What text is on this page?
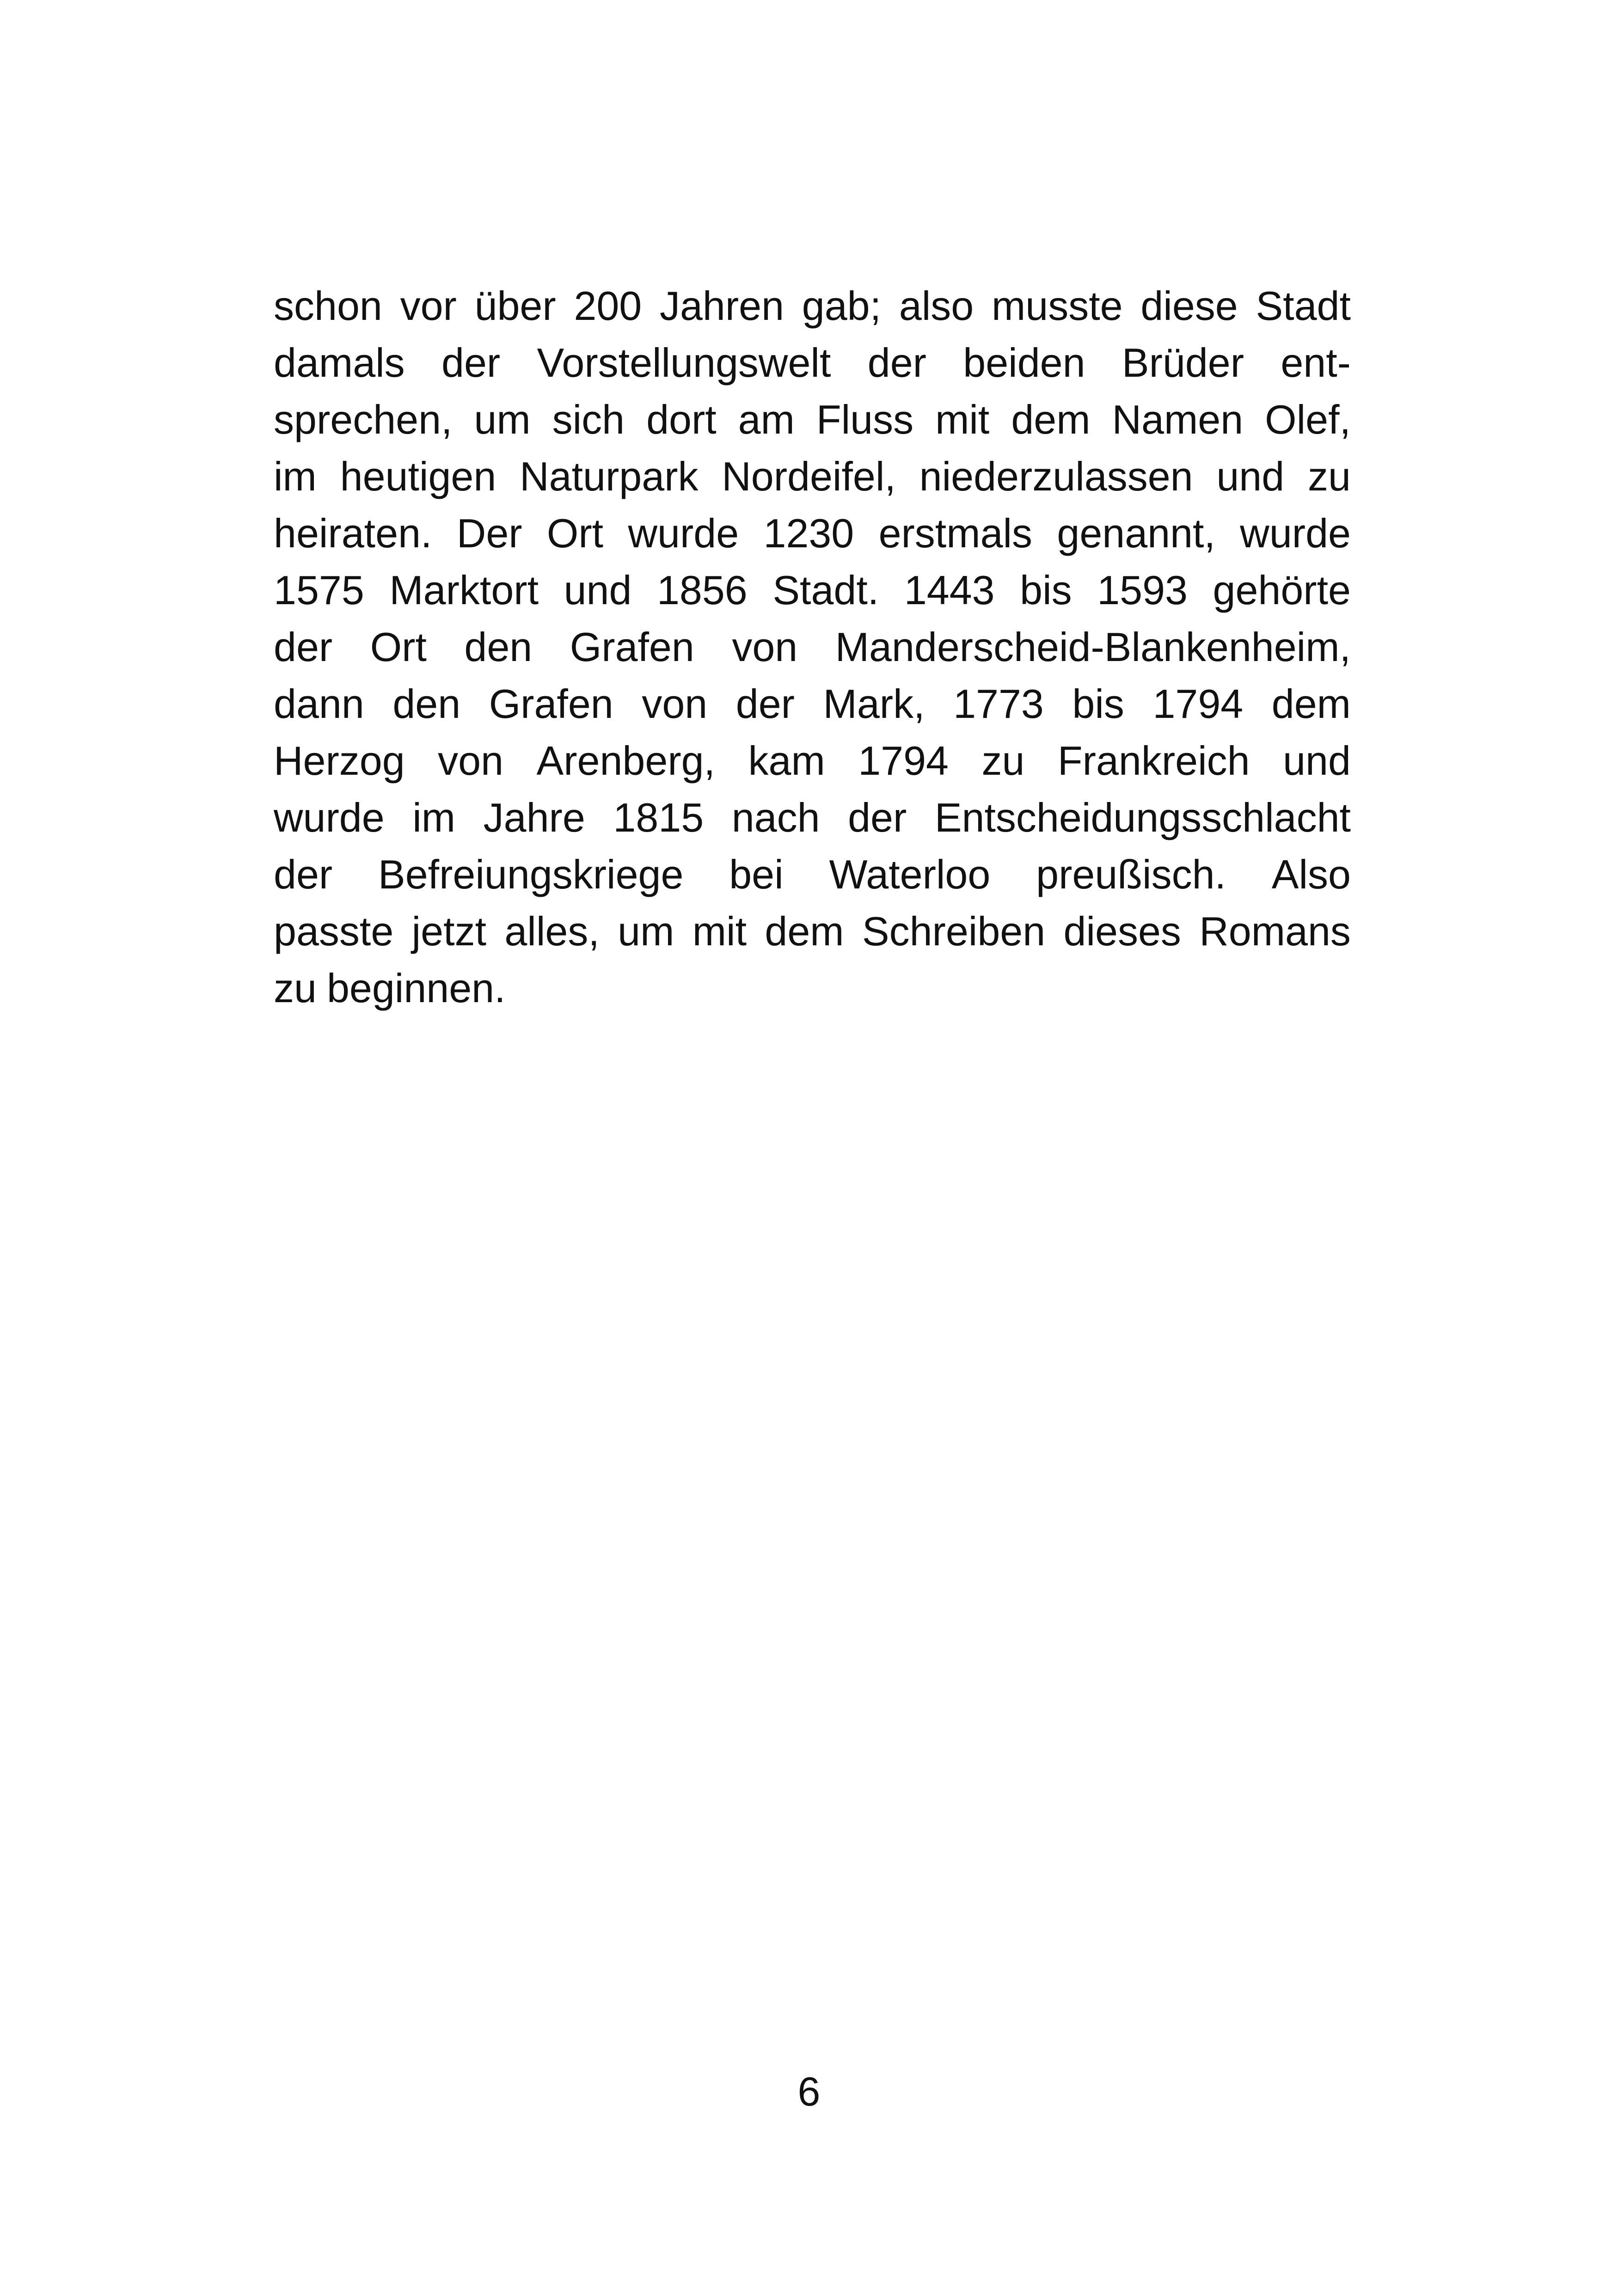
schon vor über 200 Jahren gab; also musste diese Stadt
damals der Vorstellungswelt der beiden Brüder ent-
sprechen, um sich dort am Fluss mit dem Namen Olef,
im heutigen Naturpark Nordeifel, niederzulassen und zu
heiraten. Der Ort wurde 1230 erstmals genannt, wurde
1575 Marktort und 1856 Stadt. 1443 bis 1593 gehörte
der Ort den Grafen von Manderscheid-Blankenheim,
dann den Grafen von der Mark, 1773 bis 1794 dem
Herzog von Arenberg, kam 1794 zu Frankreich und
wurde im Jahre 1815 nach der Entscheidungsschlacht
der Befreiungskriege bei Waterloo preußisch. Also
passte jetzt alles, um mit dem Schreiben dieses Romans
zu beginnen.
6
